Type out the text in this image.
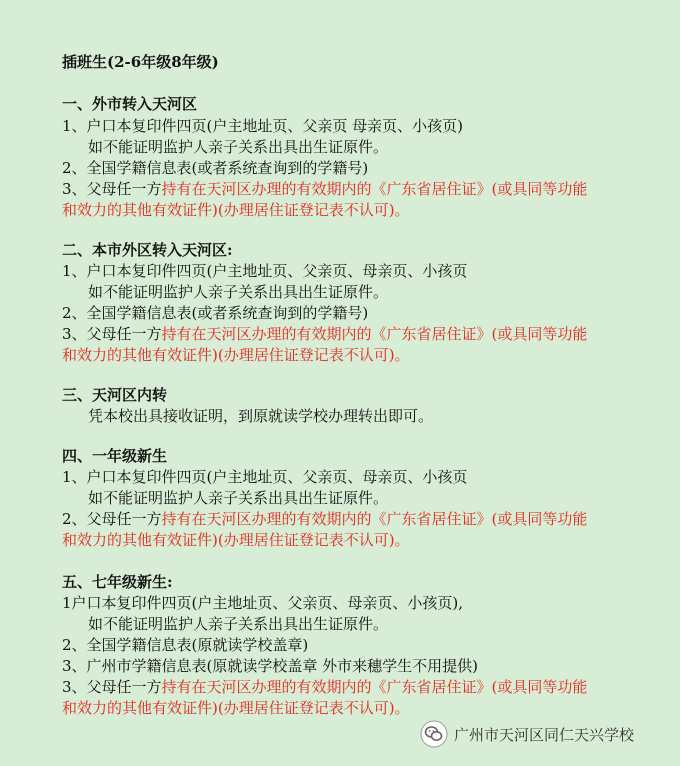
插班生(2-6年级8年级)
一、外市转入天河区
1、户口本复印件四页(户主地址页、父亲页 母亲页、小孩页)
如不能证明监护人亲子关系出具出生证原件。
2、全国学籍信息表(或者系统查询到的学籍号)
3、父母任一方持有在天河区办理的有效期内的《广东省居住证》(或具同等功能
和效力的其他有效证件)(办理居住证登记表不认可)。
二、本市外区转入天河区:
1、户口本复印件四页(户主地址页、父亲页、母亲页、小孩页
如不能证明监护人亲子关系出具出生证原件。
2、全国学籍信息表(或者系统查询到的学籍号)
3、父母任一方持有在天河区办理的有效期内的《广东省居住证》(或具同等功能
和效力的其他有效证件)(办理居住证登记表不认可)。
三、天河区内转
凭本校出具接收证明，到原就读学校办理转出即可。
四、一年级新生
1、户口本复印件四页(户主地址页、父亲页、母亲页、小孩页
如不能证明监护人亲子关系出具出生证原件。
2、父母任一方持有在天河区办理的有效期内的《广东省居住证》(或具同等功能
和效力的其他有效证件)(办理居住证登记表不认可)。
五、七年级新生:
1户口本复印件四页(户主地址页、父亲页、母亲页、小孩页),
如不能证明监护人亲子关系出具出生证原件。
2、全国学籍信息表(原就读学校盖章)
3、广州市学籍信息表(原就读学校盖章 外市来穗学生不用提供)
3、父母任一方持有在天河区办理的有效期内的《广东省居住证》(或具同等功能
和效力的其他有效证件)(办理居住证登记表不认可)。
广州市天河区同仁天兴学校
